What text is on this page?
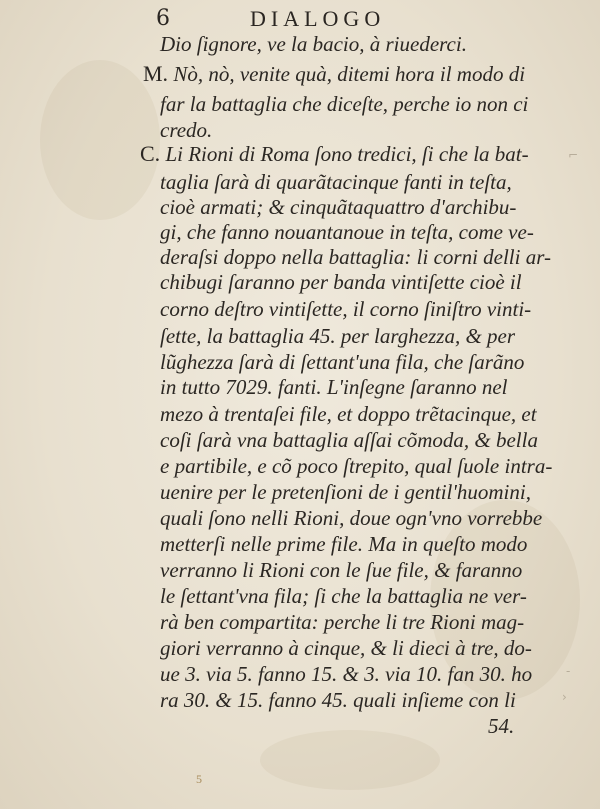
6	DIALOGO
Dio ſignore, ve la bacio, à riuederci.
M. Nò, nò, venite quà, ditemi hora il modo di
far la battaglia che diceſte, perche io non ci
credo.
C. Li Rioni di Roma ſono tredici, ſi che la bat-
taglia ſarà di quarãtacinque fanti in teſta,
cioè armati; & cinquãtaquattro d'archibu-
gi, che fanno nouantanoue in teſta, come ve-
deraſsi doppo nella battaglia: li corni delli ar-
chibugi ſaranno per banda vintiſette cioè il
corno deſtro vintiſette, il corno ſiniſtro vinti-
ſette, la battaglia 45. per larghezza, & per
lũghezza ſarà di ſettant'una fila, che ſarãno
in tutto 7029. fanti. L'inſegne ſaranno nel
mezo à trentaſei file, et doppo trẽtacinque, et
coſi ſarà vna battaglia aſſai cõmoda, & bella
e partibile, e cõ poco ſtrepito, qual ſuole intra-
uenire per le pretenſioni de i gentil'huomini,
quali ſono nelli Rioni, doue ogn'vno vorrebbe
metterſi nelle prime file. Ma in queſto modo
verranno li Rioni con le ſue file, & faranno
le ſettant'vna fila; ſi che la battaglia ne ver-
rà ben compartita: perche li tre Rioni mag-
giori verranno à cinque, & li dieci à tre, do-
ue 3. via 5. fanno 15. & 3. via 10. fan 30. ho
ra 30. & 15. fanno 45. quali inſieme con li
54.
5
⌐
‑
›
